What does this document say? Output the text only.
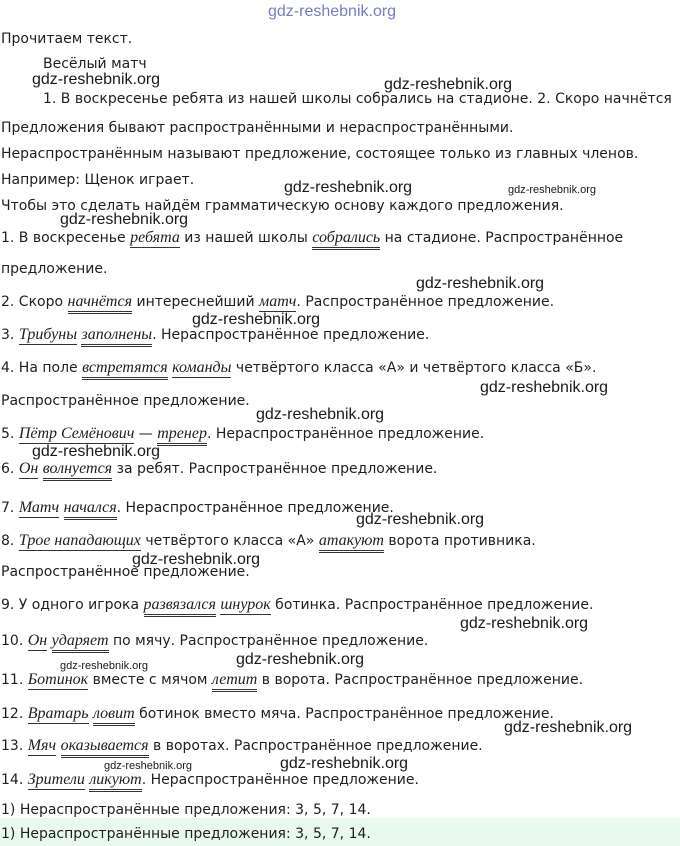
gdz-reshebnik.org
Прочитаем текст.
Весёлый матч
1. В воскресенье ребята из нашей школы собрались на стадионе. 2. Скоро начнётся
Предложения бывают распространёнными и нераспространёнными.
Нераспространённым называют предложение, состоящее только из главных членов.
Например: Щенок играет.
Чтобы это сделать найдём грамматическую основу каждого предложения.
1. В воскресенье ребята из нашей школы собрались на стадионе. Распространённое
предложение.
2. Скоро начнётся интереснейший матч. Распространённое предложение.
3. Трибуны заполнены. Нераспространённое предложение.
4. На поле встретятся команды четвёртого класса «А» и четвёртого класса «Б».
Распространённое предложение.
5. Пётр Семёнович — тренер. Нераспространённое предложение.
6. Он волнуется за ребят. Распространённое предложение.
7. Матч начался. Нераспространённое предложение.
8. Трое нападающих четвёртого класса «А» атакуют ворота противника.
Распространённое предложение.
9. У одного игрока развязался шнурок ботинка. Распространённое предложение.
10. Он ударяет по мячу. Распространённое предложение.
11. Ботинок вместе с мячом летит в ворота. Распространённое предложение.
12. Вратарь ловит ботинок вместо мяча. Распространённое предложение.
13. Мяч оказывается в воротах. Распространённое предложение.
14. Зрители ликуют. Нераспространённое предложение.
1) Нераспространённые предложения: 3, 5, 7, 14.
1) Нераспространённые предложения: 3, 5, 7, 14.
gdz-reshebnik.org	gdz-reshebnik.org
gdz-reshebnik.org	gdz-reshebnik.org
gdz-reshebnik.org
gdz-reshebnik.org
gdz-reshebnik.org
gdz-reshebnik.org
gdz-reshebnik.org
gdz-reshebnik.org
gdz-reshebnik.org
gdz-reshebnik.org
gdz-reshebnik.org
gdz-reshebnik.org	gdz-reshebnik.org
gdz-reshebnik.org
gdz-reshebnik.org	gdz-reshebnik.org
